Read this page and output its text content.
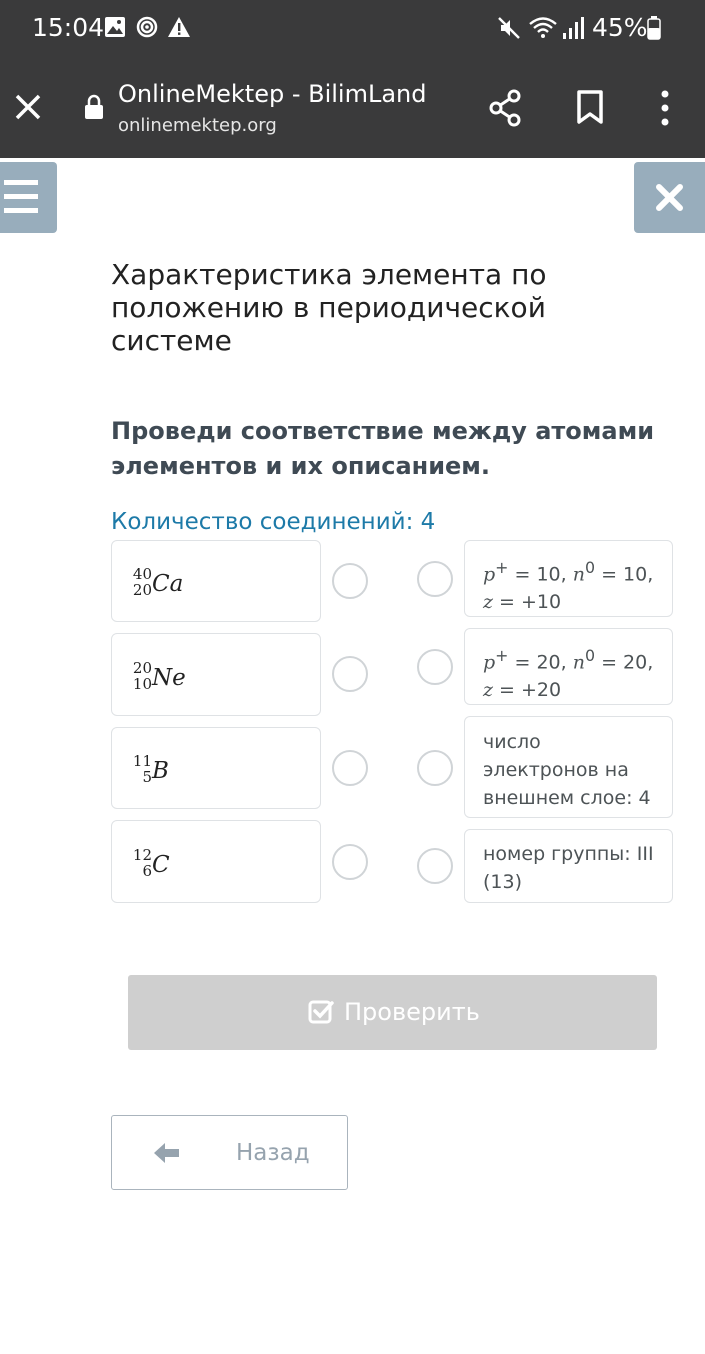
15:04	45%
OnlineMektep - BilimLand
onlinemektep.org
Характеристика элемента по положению в периодической системе
Проведи соответствие между атомами элементов и их описанием.
Количество соединений: 4
40
20 Ca
20
10 Ne
11
5 B
12
6 C
p+ = 10, $n^0 = 10$, z = +10
p+ = 20, $n^0 = 20$, z = +20
число электронов на внешнем слое: 4
номер группы: III (13)
Проверить
Назад
